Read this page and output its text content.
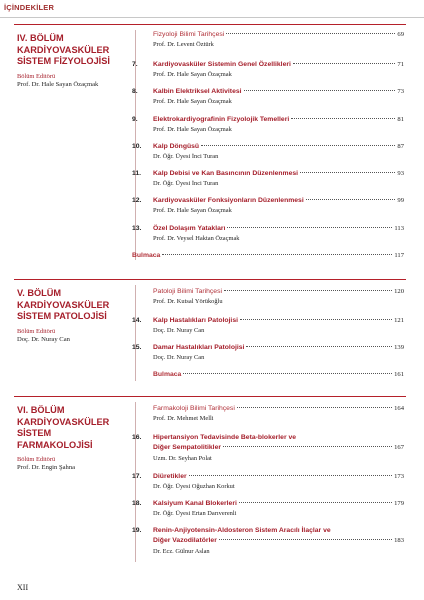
İÇİNDEKİLER
IV. BÖLÜM
KARDİYOVASKÜLER
SİSTEM FİZYOLOJİSİ
Bölüm Editörü
Prof. Dr. Hale Sayan Özaçmak
Fizyoloji Bilimi Tarihçesi	69
Prof. Dr. Levent Öztürk
7. Kardiyovasküler Sistemin Genel Özellikleri	71
Prof. Dr. Hale Sayan Özaçmak
8. Kalbin Elektriksel Aktivitesi	73
Prof. Dr. Hale Sayan Özaçmak
9. Elektrokardiyografinin Fizyolojik Temelleri	81
Prof. Dr. Hale Sayan Özaçmak
10. Kalp Döngüsü	87
Dr. Öğr. Üyesi İnci Turan
11. Kalp Debisi ve Kan Basıncının Düzenlenmesi	93
Dr. Öğr. Üyesi İnci Turan
12. Kardiyovasküler Fonksiyonların Düzenlenmesi	99
Prof. Dr. Hale Sayan Özaçmak
13. Özel Dolaşım Yatakları	113
Prof. Dr. Veysel Haktan Özaçmak
Bulmaca	117
V. BÖLÜM
KARDİYOVASKÜLER
SİSTEM PATOLOJİSİ
Bölüm Editörü
Doç. Dr. Nuray Can
Patoloji Bilimi Tarihçesi	120
Prof. Dr. Kutsal Yörükoğlu
14. Kalp Hastalıkları Patolojisi	121
Doç. Dr. Nuray Can
15. Damar Hastalıkları Patolojisi	139
Doç. Dr. Nuray Can
Bulmaca	161
VI. BÖLÜM
KARDİYOVASKÜLER
SİSTEM
FARMAKOLOJİSİ
Bölüm Editörü
Prof. Dr. Engin Şahna
Farmakoloji Bilimi Tarihçesi	164
Prof. Dr. Mehmet Melli
16. Hipertansiyon Tedavisinde Beta-blokerler ve
Diğer Sempatolitikler	167
Uzm. Dr. Seyhan Polat
17. Diüretikler	173
Dr. Öğr. Üyesi Oğuzhan Korkut
18. Kalsiyum Kanal Blokerleri	179
Dr. Öğr. Üyesi Ertan Darıverenli
19. Renin-Anjiyotensin-Aldosteron Sistem Aracılı İlaçlar ve
Diğer Vazodilatörler	183
Dr. Ecz. Gülnur Aslan
XII
